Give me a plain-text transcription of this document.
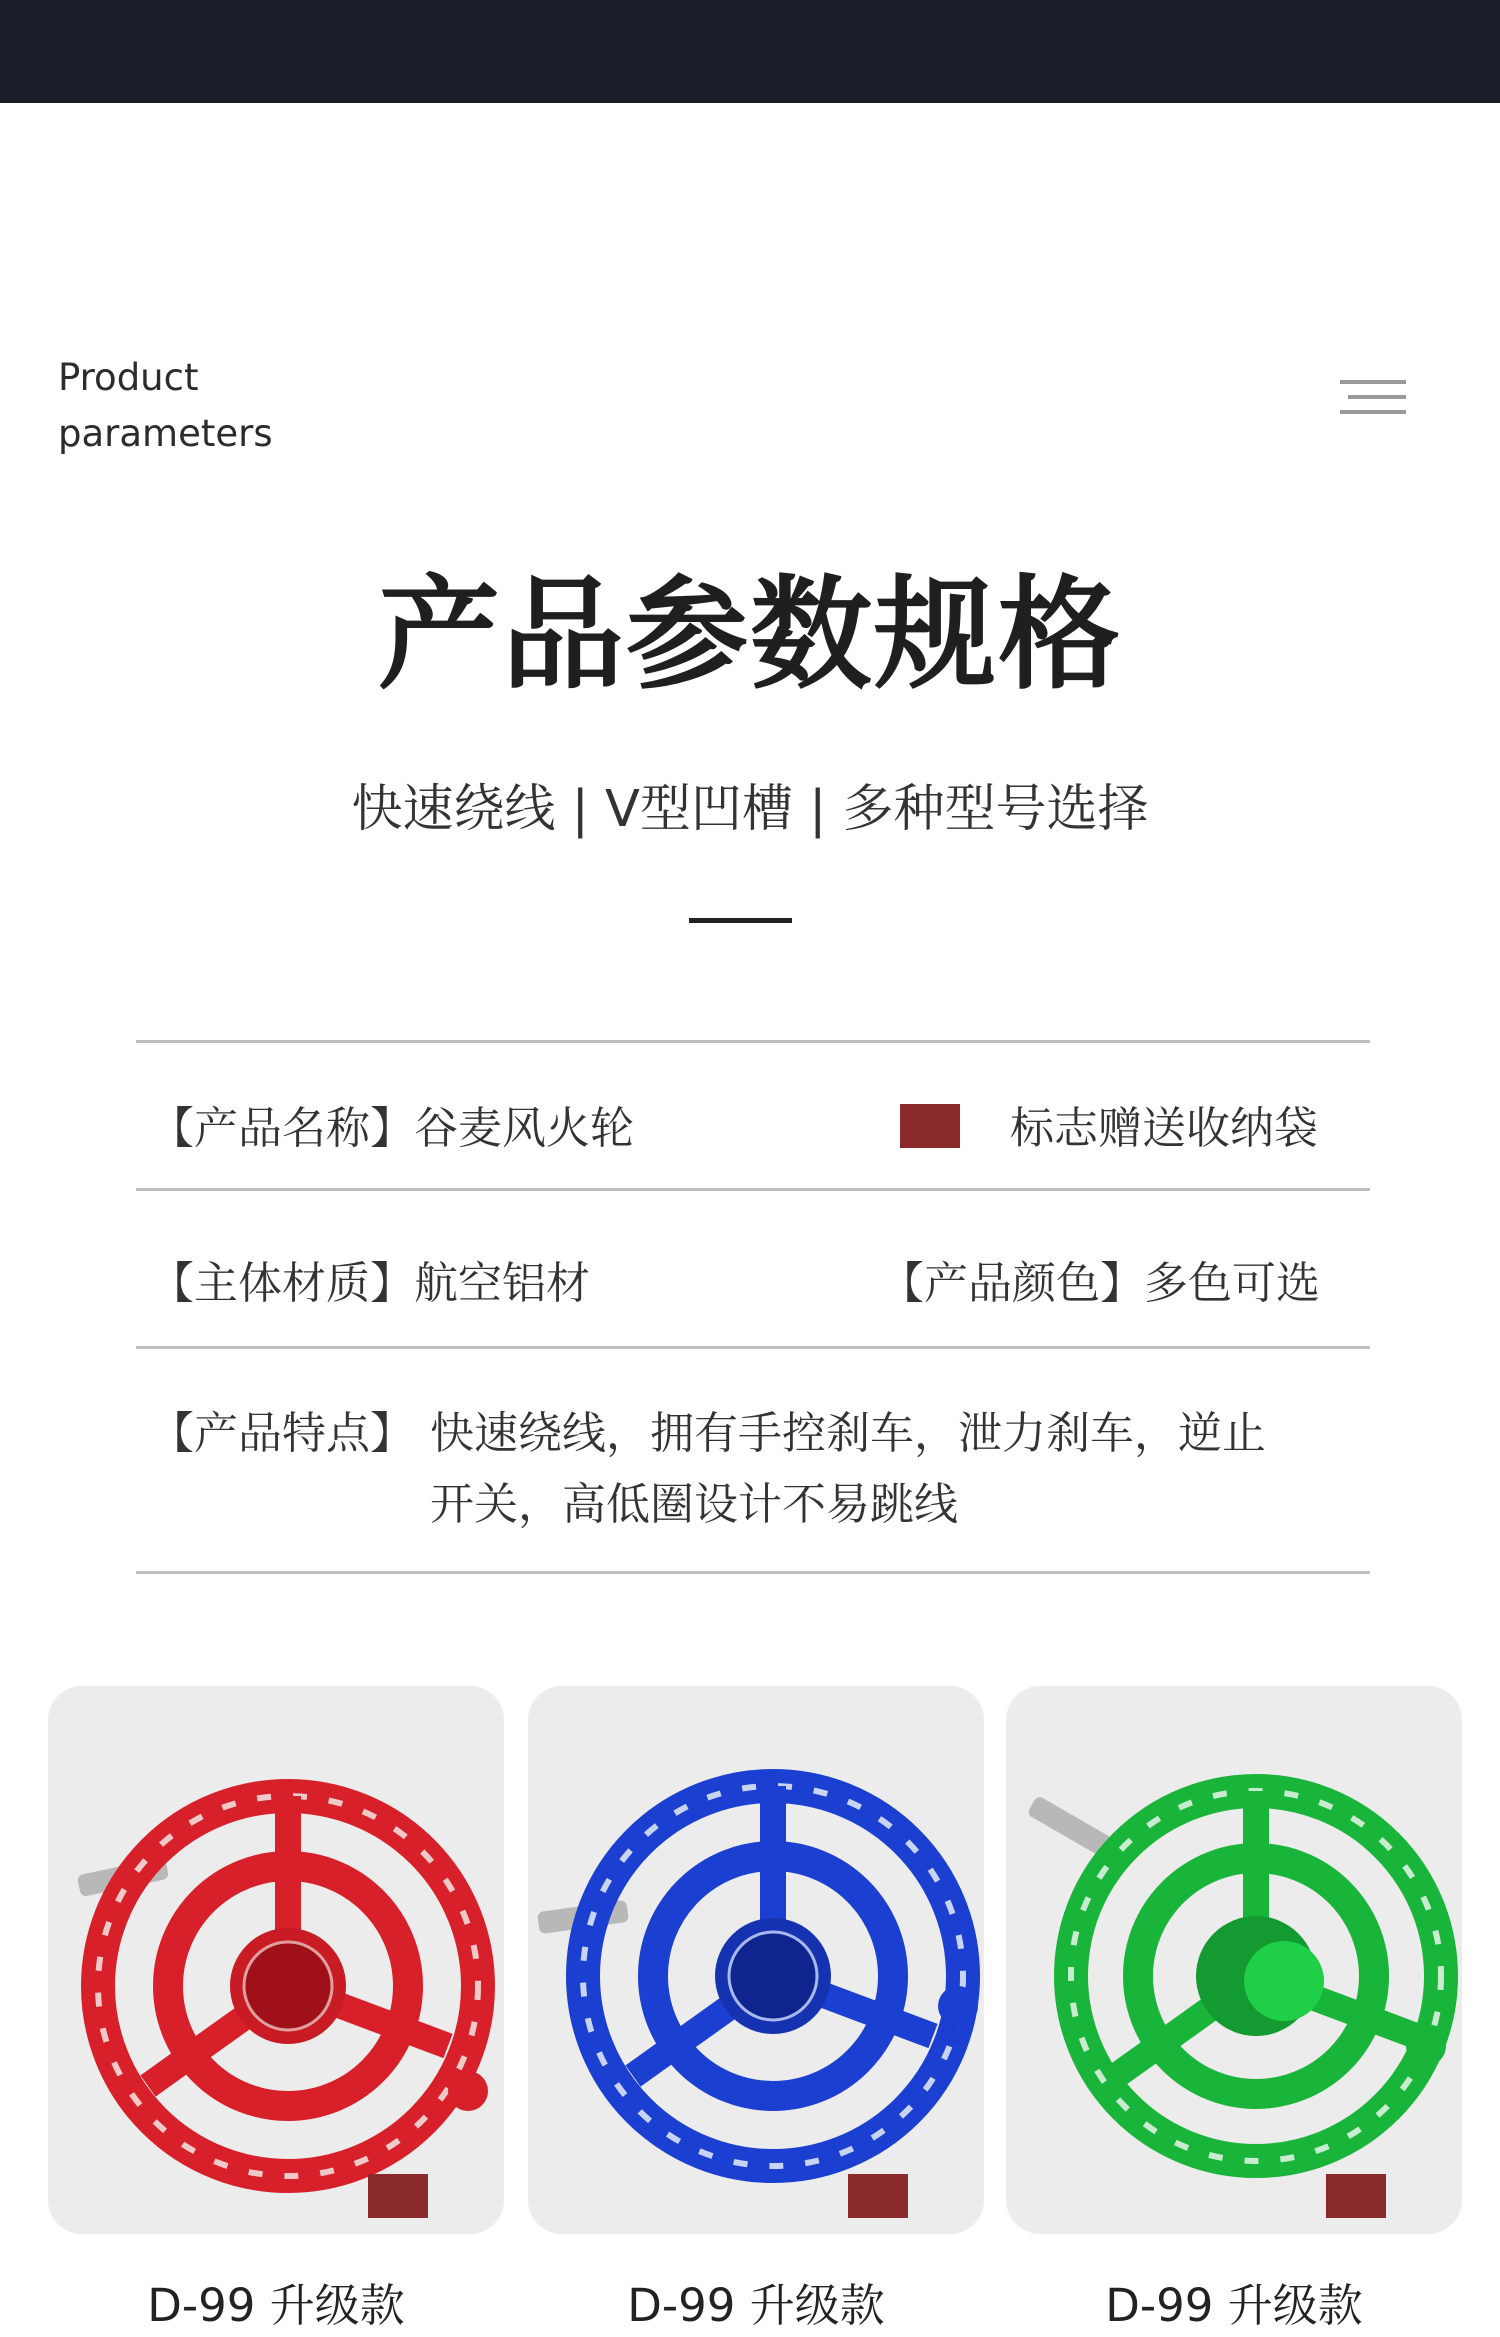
Product
parameters
产品参数规格
快速绕线 | V型凹槽 | 多种型号选择
【产品名称】谷麦风火轮	标志赠送收纳袋
【主体材质】航空铝材	【产品颜色】多色可选
【产品特点】 快速绕线，拥有手控刹车，泄力刹车，逆止
开关，高低圈设计不易跳线
D-99 升级款	D-99 升级款	D-99 升级款
